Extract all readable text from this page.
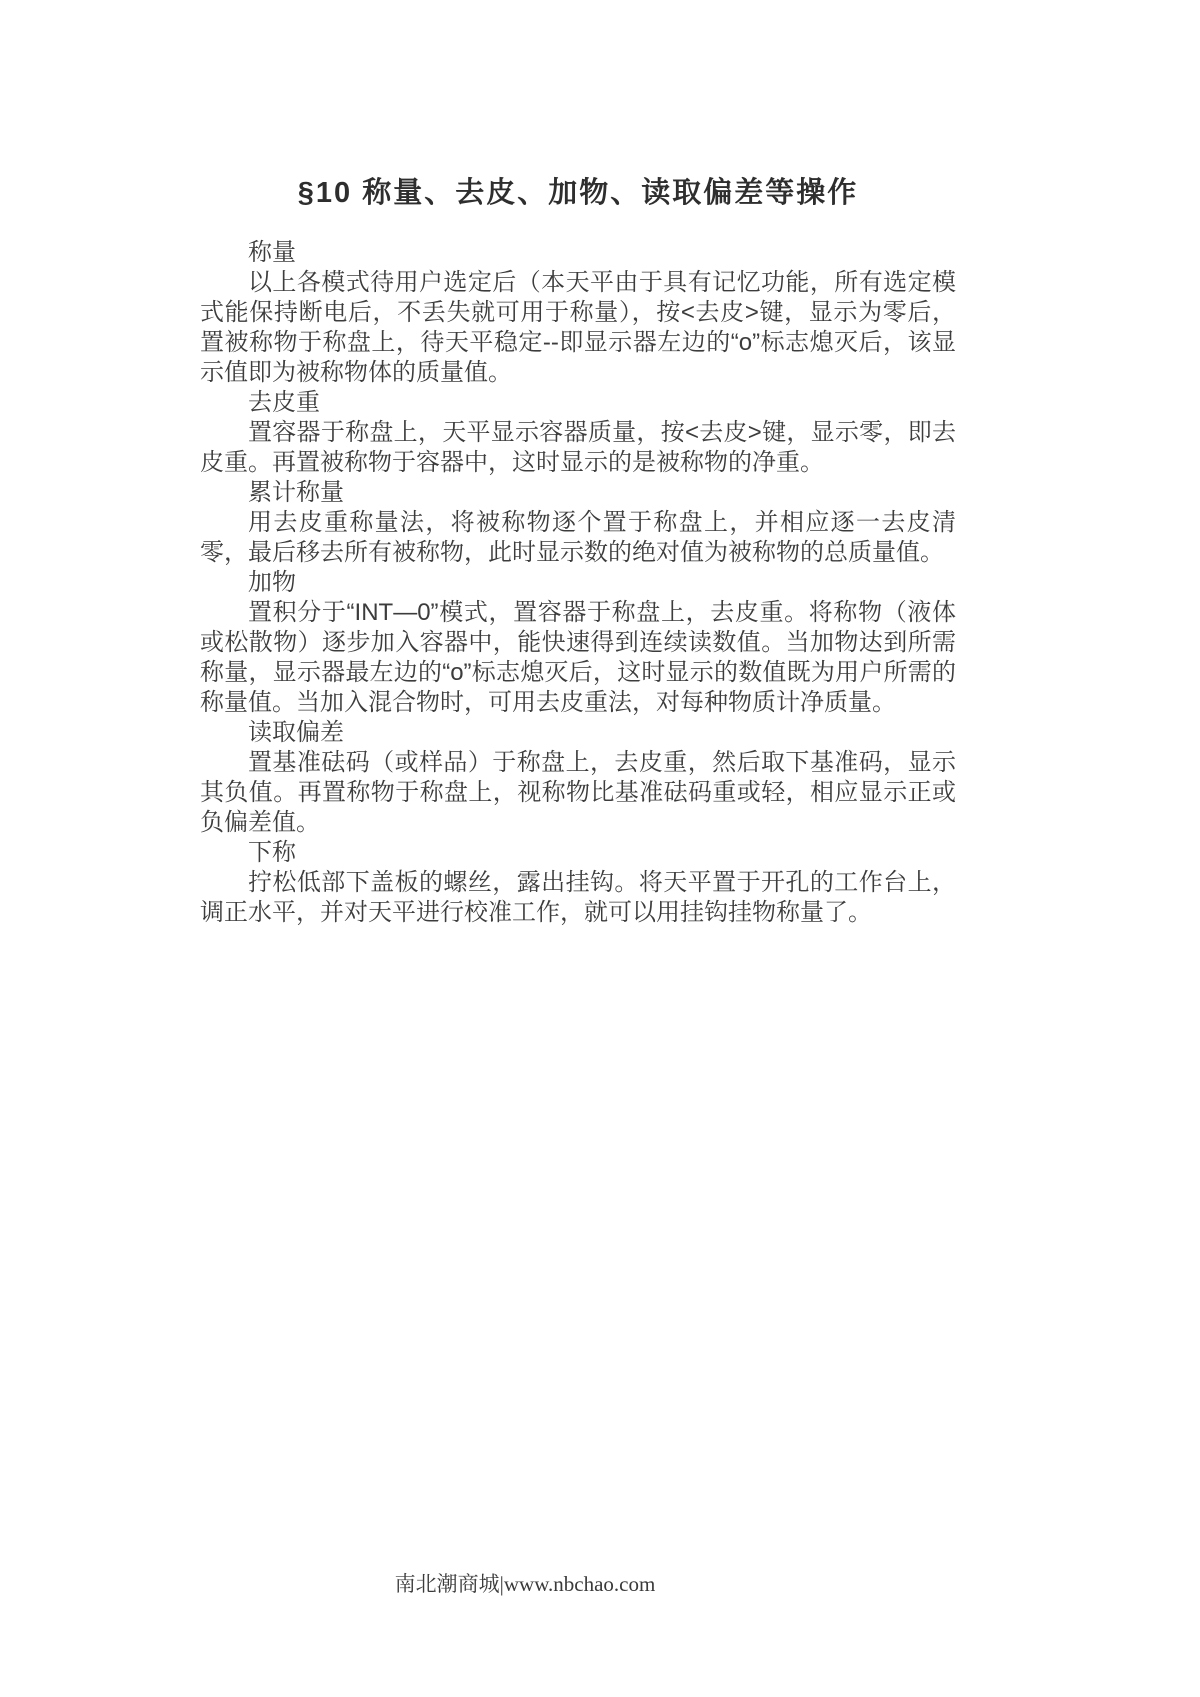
§10 称量、去皮、加物、读取偏差等操作
称量

以上各模式待用户选定后（本天平由于具有记忆功能，所有选定模式能保持断电后，不丢失就可用于称量），按<去皮>键，显示为零后，置被称物于称盘上，待天平稳定--即显示器左边的“o”标志熄灭后，该显示值即为被称物体的质量值。

去皮重

置容器于称盘上，天平显示容器质量，按<去皮>键，显示零，即去皮重。再置被称物于容器中，这时显示的是被称物的净重。

累计称量

用去皮重称量法，将被称物逐个置于称盘上，并相应逐一去皮清零，最后移去所有被称物，此时显示数的绝对值为被称物的总质量值。

加物

置积分于“INT—0”模式，置容器于称盘上，去皮重。将称物（液体或松散物）逐步加入容器中，能快速得到连续读数值。当加物达到所需称量，显示器最左边的“o”标志熄灭后，这时显示的数值既为用户所需的称量值。当加入混合物时，可用去皮重法，对每种物质计净质量。

读取偏差

置基准砝码（或样品）于称盘上，去皮重，然后取下基准码，显示其负值。再置称物于称盘上，视称物比基准砝码重或轻，相应显示正或负偏差值。

下称

拧松低部下盖板的螺丝，露出挂钩。将天平置于开孔的工作台上，调正水平，并对天平进行校准工作，就可以用挂钩挂物称量了。

南北潮商城|www.nbchao.com
